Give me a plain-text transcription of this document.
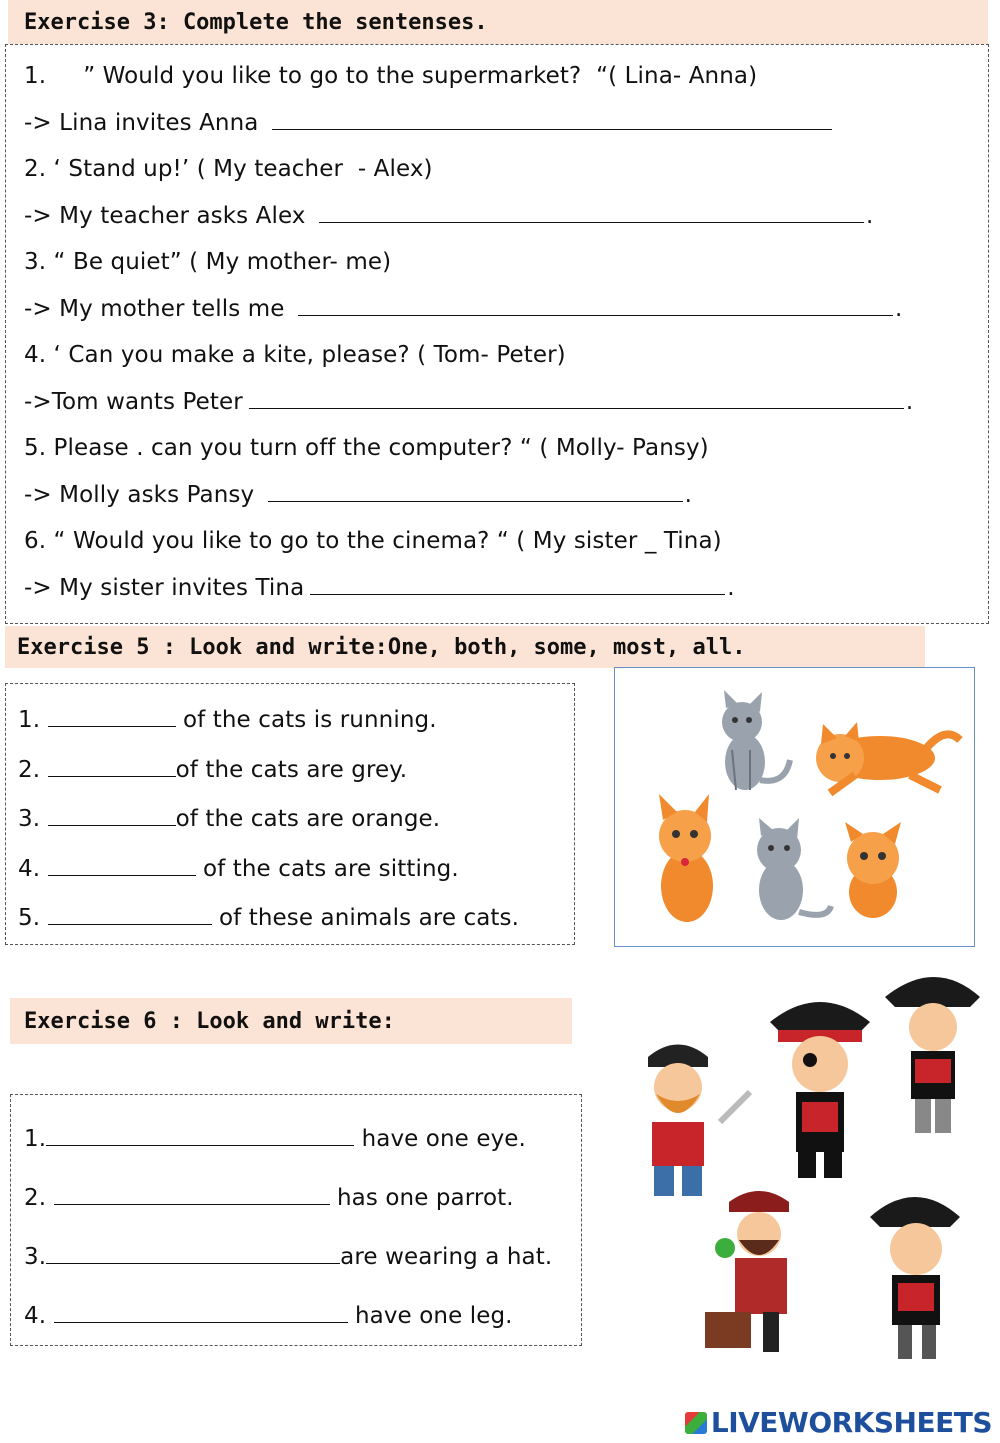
Exercise 3: Complete the sentenses.
1.     ” Would you like to go to the supermarket?  “( Lina- Anna)
-> Lina invites Anna
2. ‘ Stand up!’ ( My teacher  - Alex)
-> My teacher asks Alex	.
3. “ Be quiet” ( My mother- me)
-> My mother tells me	.
4. ‘ Can you make a kite, please? ( Tom- Peter)
->Tom wants Peter	.
5. Please . can you turn off the computer? “ ( Molly- Pansy)
-> Molly asks Pansy	.
6. “ Would you like to go to the cinema? “ ( My sister _ Tina)
-> My sister invites Tina	.
Exercise 5 : Look and write:One, both, some, most, all.
1.	of the cats is running.
2.	of the cats are grey.
3.	of the cats are orange.
4.	of the cats are sitting.
5.	of these animals are cats.
Exercise 6 : Look and write:
1.	have one eye.
2.	has one parrot.
3.	are wearing a hat.
4.	have one leg.
LIVEWORKSHEETS
